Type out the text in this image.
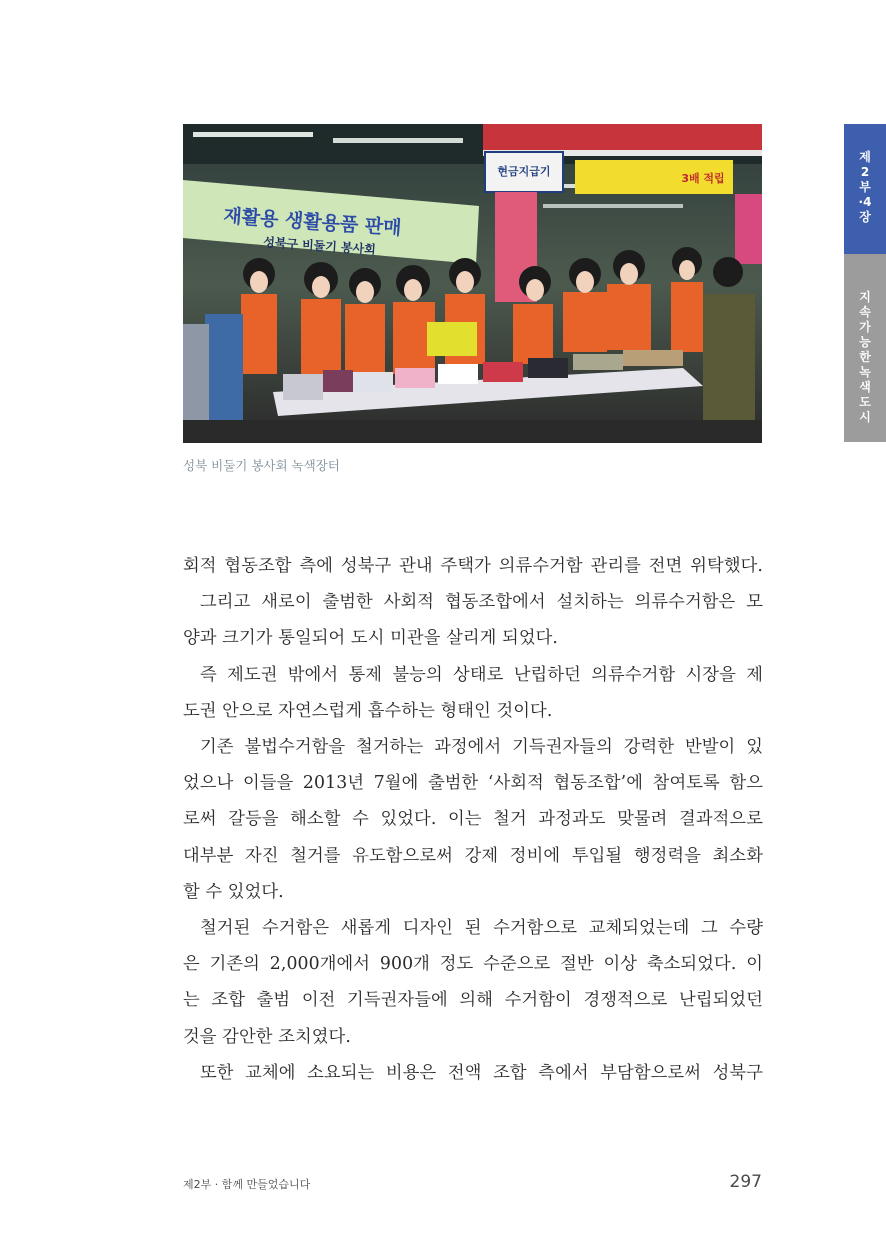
현금지급기
3배 적립
재활용 생활용품 판매
성북구 비둘기 봉사회
성북 비둘기 봉사회 녹색장터
제2부·4장
지속가능한 녹색도시

회적 협동조합 측에 성북구 관내 주택가 의류수거함 관리를 전면 위탁했다.

그리고 새로이 출범한 사회적 협동조합에서 설치하는 의류수거함은 모

양과 크기가 통일되어 도시 미관을 살리게 되었다.

즉 제도권 밖에서 통제 불능의 상태로 난립하던 의류수거함 시장을 제

도권 안으로 자연스럽게 흡수하는 형태인 것이다.

기존 불법수거함을 철거하는 과정에서 기득권자들의 강력한 반발이 있

었으나 이들을 2013년 7월에 출범한 ‘사회적 협동조합’에 참여토록 함으

로써 갈등을 해소할 수 있었다. 이는 철거 과정과도 맞물려 결과적으로

대부분 자진 철거를 유도함으로써 강제 정비에 투입될 행정력을 최소화

할 수 있었다.

철거된 수거함은 새롭게 디자인 된 수거함으로 교체되었는데 그 수량

은 기존의 2,000개에서 900개 정도 수준으로 절반 이상 축소되었다. 이

는 조합 출범 이전 기득권자들에 의해 수거함이 경쟁적으로 난립되었던

것을 감안한 조치였다.

또한 교체에 소요되는 비용은 전액 조합 측에서 부담함으로써 성북구

제2부 · 함께 만들었습니다	297
